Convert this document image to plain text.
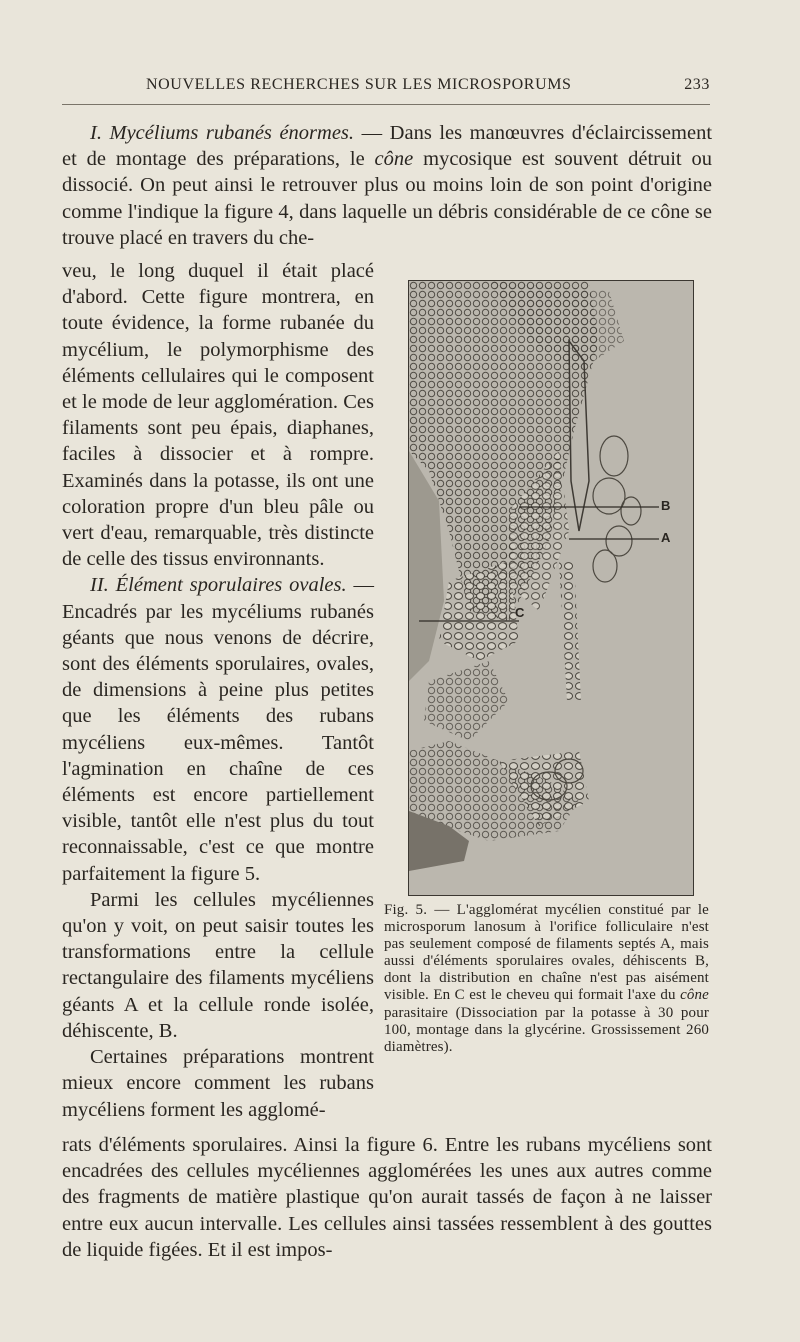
NOUVELLES RECHERCHES SUR LES MICROSPORUMS	233

I. Mycéliums rubanés énormes. — Dans les manœuvres d'éclaircissement et de montage des préparations, le cône mycosique est souvent détruit ou dissocié. On peut ainsi le retrouver plus ou moins loin de son point d'origine comme l'indique la figure 4, dans laquelle un débris considérable de ce cône se trouve placé en travers du che-

veu, le long duquel il était placé d'abord. Cette figure montrera, en toute évidence, la forme rubanée du mycélium, le polymorphisme des éléments cellulaires qui le composent et le mode de leur agglomération. Ces filaments sont peu épais, diaphanes, faciles à dissocier et à rompre. Examinés dans la potasse, ils ont une coloration propre d'un bleu pâle ou vert d'eau, remarquable, très distincte de celle des tissus environnants.

II. Élément sporulaires ovales. — Encadrés par les mycéliums rubanés géants que nous venons de décrire, sont des éléments sporulaires, ovales, de dimensions à peine plus petites que les éléments des rubans mycéliens eux-mêmes. Tantôt l'agmination en chaîne de ces éléments est encore partiellement visible, tantôt elle n'est plus du tout reconnaissable, c'est ce que montre parfaitement la figure 5.

Parmi les cellules mycéliennes qu'on y voit, on peut saisir toutes les transformations entre la cellule rectangulaire des filaments mycéliens géants A et la cellule ronde isolée, déhiscente, B.

Certaines préparations montrent mieux encore comment les rubans mycéliens forment les agglomé-

B
A
C
Fig. 5. — L'agglomérat mycélien constitué par le microsporum lanosum à l'orifice folliculaire n'est pas seulement composé de filaments septés A, mais aussi d'éléments sporulaires ovales, déhiscents B, dont la distribution en chaîne n'est pas aisément visible. En C est le cheveu qui formait l'axe du cône parasitaire (Dissociation par la potasse à 30 pour 100, montage dans la glycérine. Grossissement 260 diamètres).

rats d'éléments sporulaires. Ainsi la figure 6. Entre les rubans mycéliens sont encadrées des cellules mycéliennes agglomérées les unes aux autres comme des fragments de matière plastique qu'on aurait tassés de façon à ne laisser entre eux aucun intervalle. Les cellules ainsi tassées ressemblent à des gouttes de liquide figées. Et il est impos-
